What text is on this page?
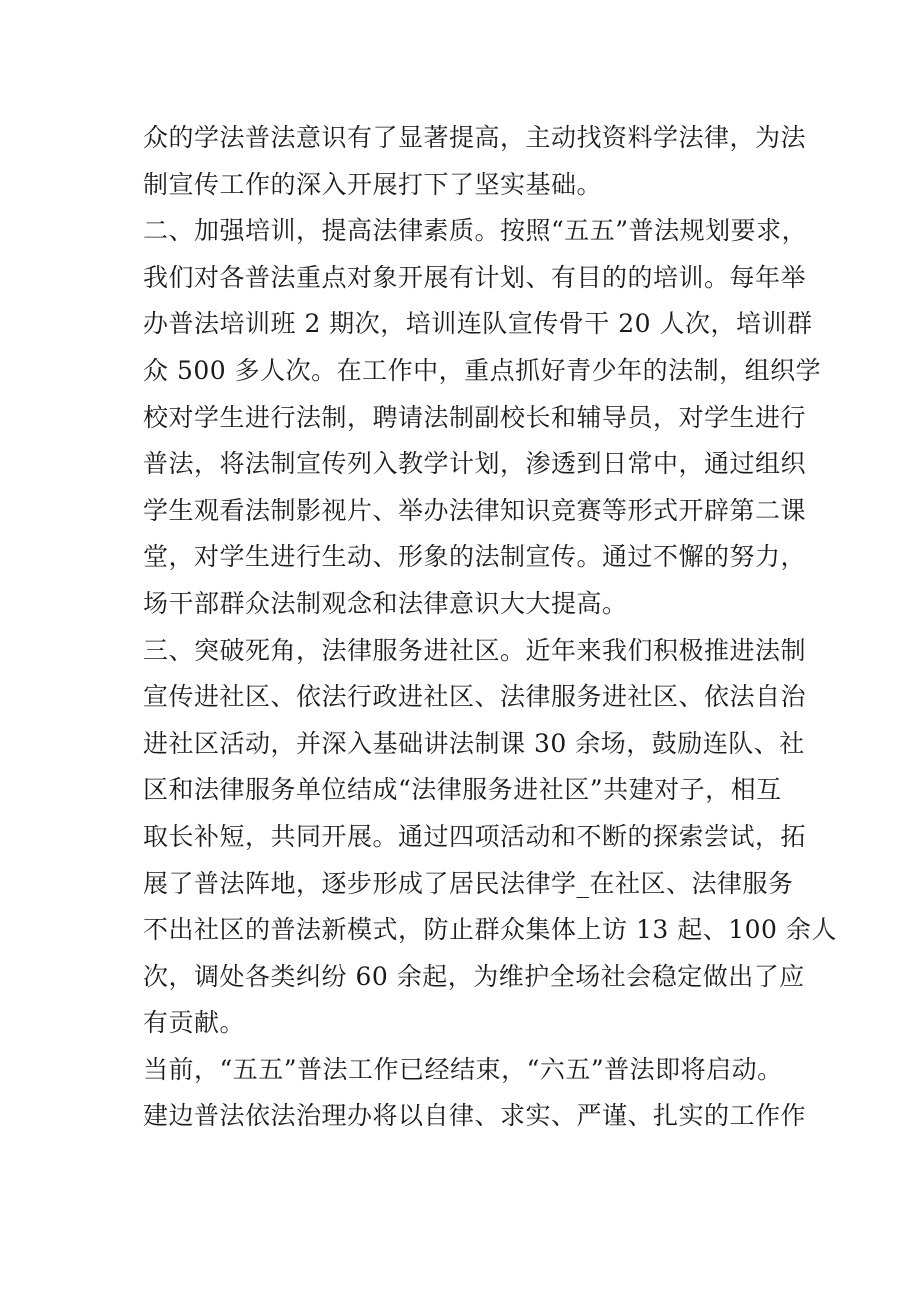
众的学法普法意识有了显著提高，主动找资料学法律，为法
制宣传工作的深入开展打下了坚实基础。
二、加强培训，提高法律素质。按照“五五”普法规划要求，
我们对各普法重点对象开展有计划、有目的的培训。每年举
办普法培训班 2 期次，培训连队宣传骨干 20 人次，培训群
众 500 多人次。在工作中，重点抓好青少年的法制，组织学
校对学生进行法制，聘请法制副校长和辅导员，对学生进行
普法，将法制宣传列入教学计划，渗透到日常中，通过组织
学生观看法制影视片、举办法律知识竞赛等形式开辟第二课
堂，对学生进行生动、形象的法制宣传。通过不懈的努力，
场干部群众法制观念和法律意识大大提高。
三、突破死角，法律服务进社区。近年来我们积极推进法制
宣传进社区、依法行政进社区、法律服务进社区、依法自治
进社区活动，并深入基础讲法制课 30 余场，鼓励连队、社
区和法律服务单位结成“法律服务进社区”共建对子，相互
取长补短，共同开展。通过四项活动和不断的探索尝试，拓
展了普法阵地，逐步形成了居民法律学_在社区、法律服务
不出社区的普法新模式，防止群众集体上访 13 起、100 余人
次，调处各类纠纷 60 余起，为维护全场社会稳定做出了应
有贡献。
当前，“五五”普法工作已经结束，“六五”普法即将启动。
建边普法依法治理办将以自律、求实、严谨、扎实的工作作
